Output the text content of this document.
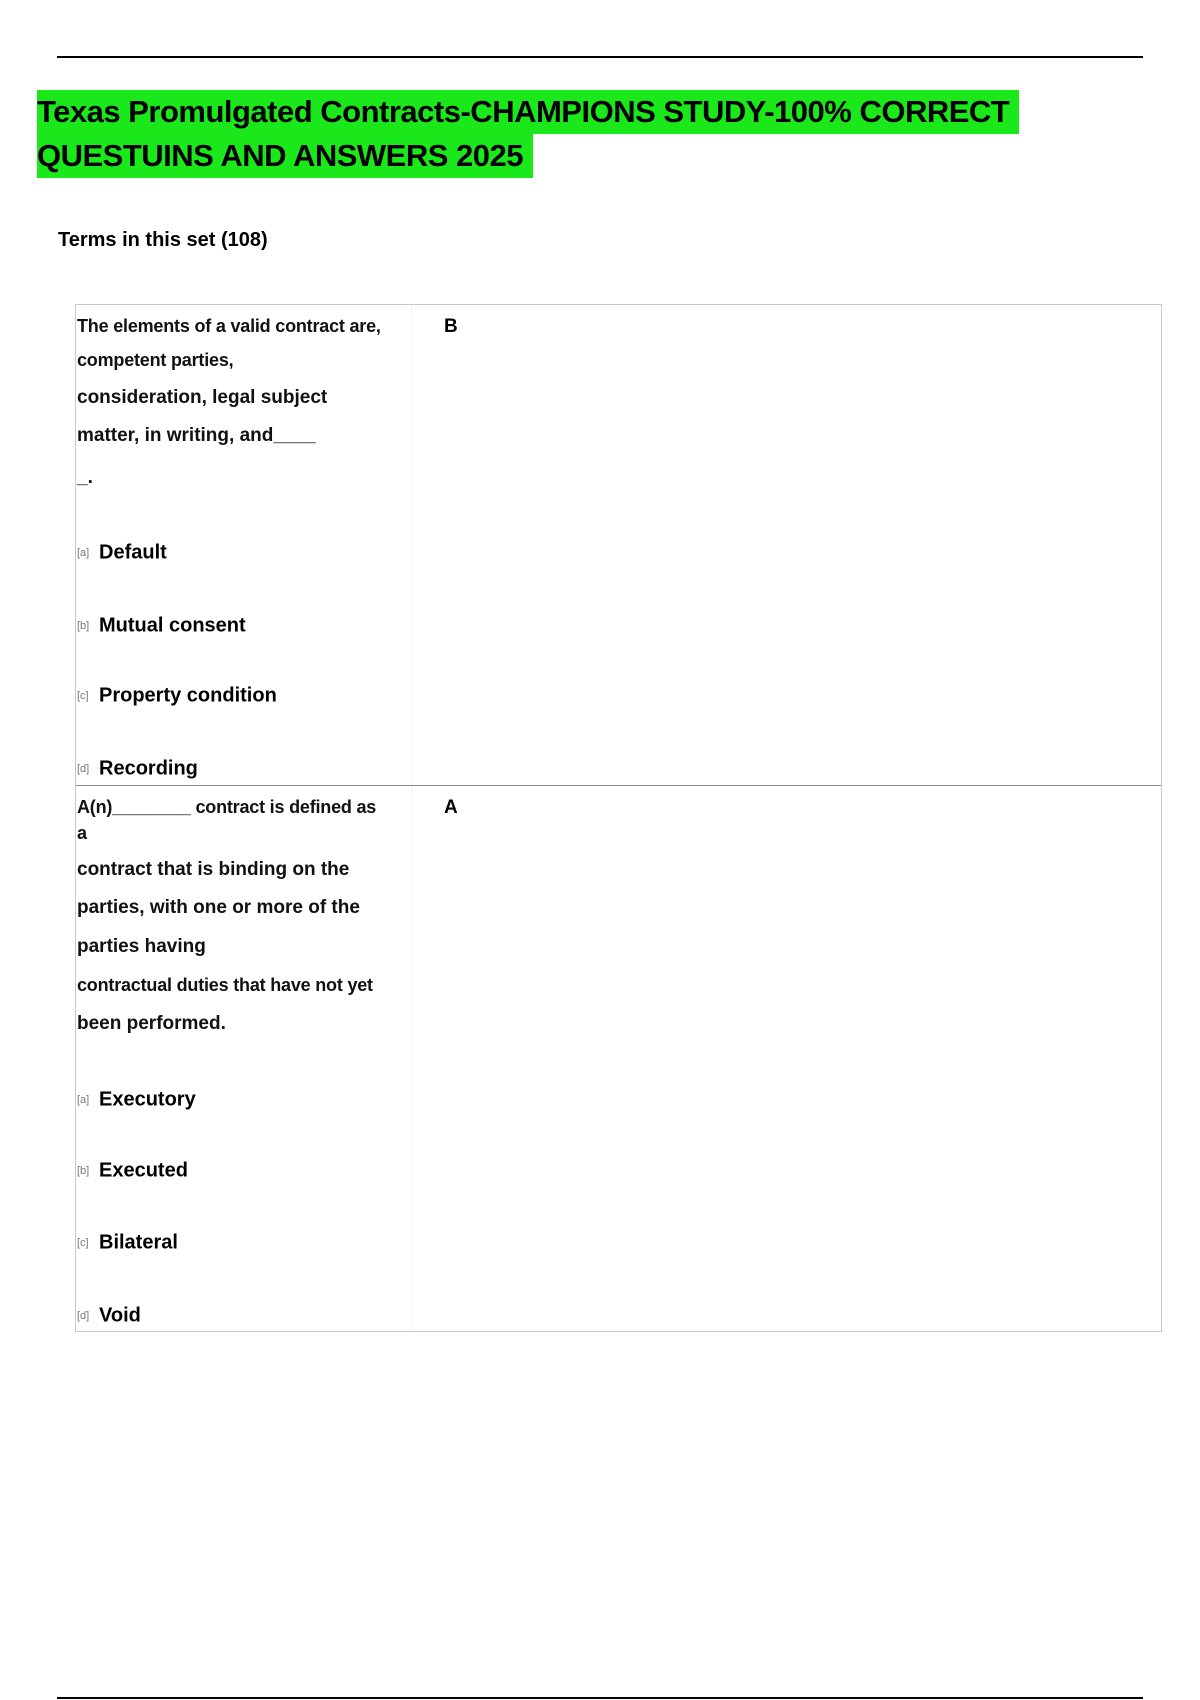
Texas Promulgated Contracts-CHAMPIONS STUDY-100% CORRECT
QUESTUINS AND ANSWERS 2025
Terms in this set (108)
The elements of a valid contract are,
competent parties,
consideration, legal subject
matter, in writing, and____
_.
[a] Default
[b] Mutual consent
[c] Property condition
[d] Recording
B
A(n)________ contract is defined as
a
contract that is binding on the
parties, with one or more of the
parties having
contractual duties that have not yet
been performed.
[a] Executory
[b] Executed
[c] Bilateral
[d] Void
A
